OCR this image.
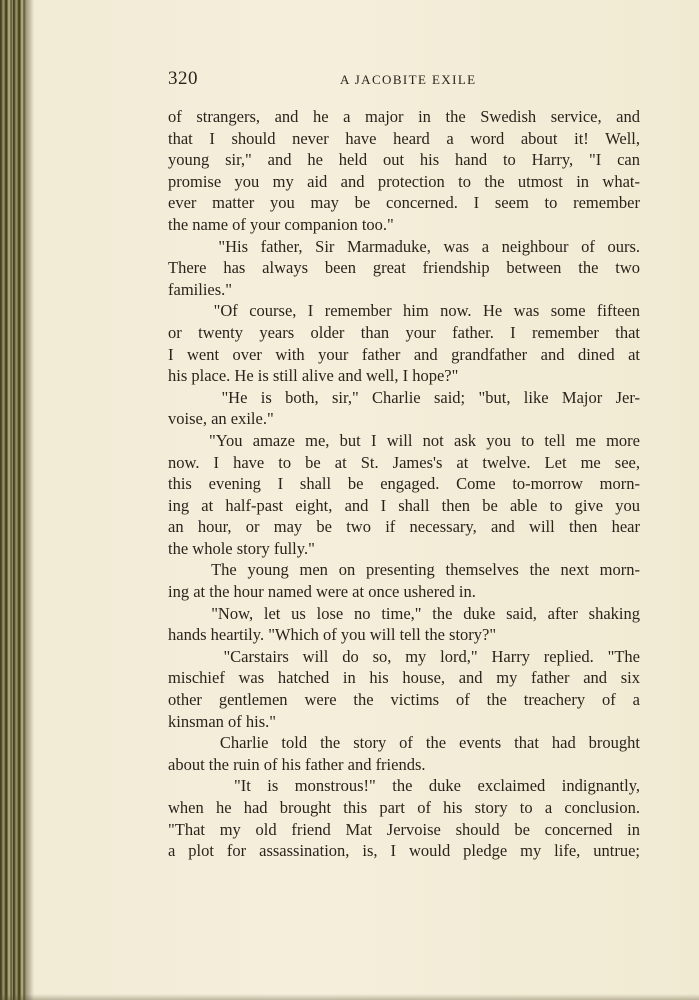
320	A JACOBITE EXILE
of strangers, and he a major in the Swedish service, and
that I should never have heard a word about it! Well,
young sir," and he held out his hand to Harry, "I can
promise you my aid and protection to the utmost in what-
ever matter you may be concerned. I seem to remember
the name of your companion too."
"His father, Sir Marmaduke, was a neighbour of ours.
There has always been great friendship between the two
families."
"Of course, I remember him now. He was some fifteen
or twenty years older than your father. I remember that
I went over with your father and grandfather and dined at
his place. He is still alive and well, I hope?"
"He is both, sir," Charlie said; "but, like Major Jer-
voise, an exile."
"You amaze me, but I will not ask you to tell me more
now. I have to be at St. James's at twelve. Let me see,
this evening I shall be engaged. Come to-morrow morn-
ing at half-past eight, and I shall then be able to give you
an hour, or may be two if necessary, and will then hear
the whole story fully."
The young men on presenting themselves the next morn-
ing at the hour named were at once ushered in.
"Now, let us lose no time," the duke said, after shaking
hands heartily. "Which of you will tell the story?"
"Carstairs will do so, my lord," Harry replied. "The
mischief was hatched in his house, and my father and six
other gentlemen were the victims of the treachery of a
kinsman of his."
Charlie told the story of the events that had brought
about the ruin of his father and friends.
"It is monstrous!" the duke exclaimed indignantly,
when he had brought this part of his story to a conclusion.
"That my old friend Mat Jervoise should be concerned in
a plot for assassination, is, I would pledge my life, untrue;
